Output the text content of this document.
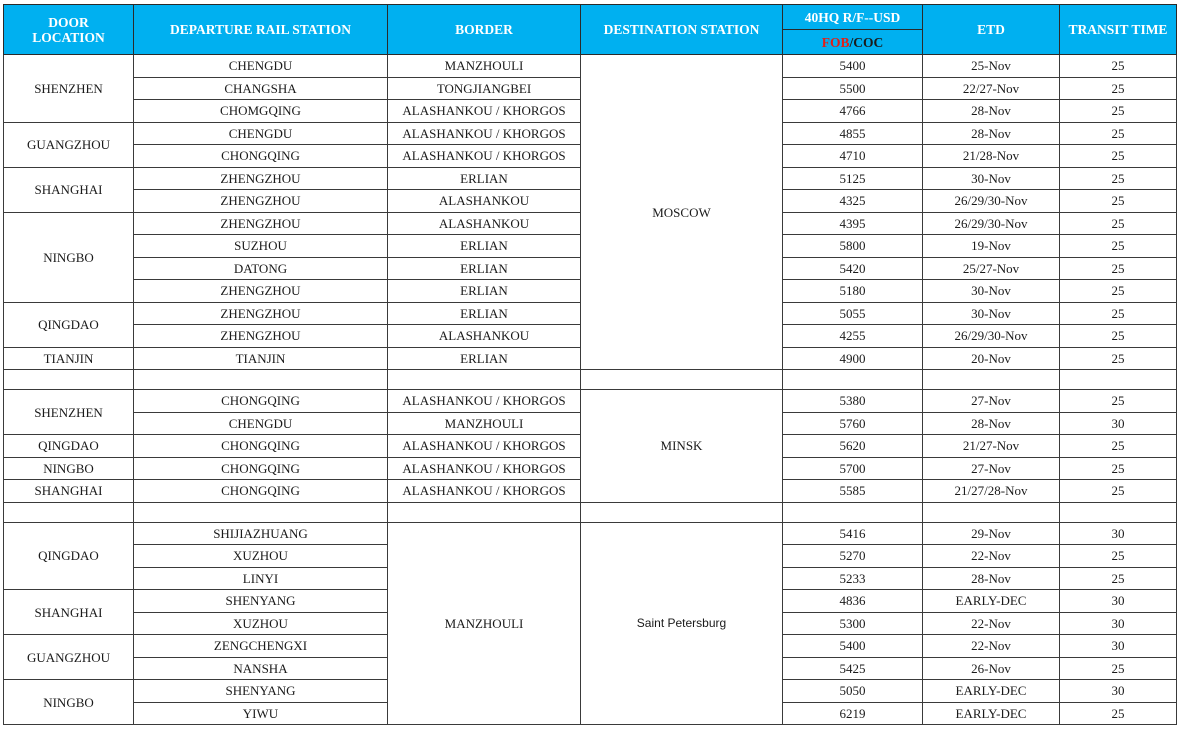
DOOR
LOCATION	DEPARTURE RAIL STATION	BORDER	DESTINATION STATION	40HQ R/F--USD	ETD	TRANSIT TIME
				FOB/COC		
SHENZHEN	CHENGDU	MANZHOULI	MOSCOW	5400	25-Nov	25
	CHANGSHA	TONGJIANGBEI		5500	22/27-Nov	25
	CHOMGQING	ALASHANKOU / KHORGOS		4766	28-Nov	25
GUANGZHOU	CHENGDU	ALASHANKOU / KHORGOS		4855	28-Nov	25
	CHONGQING	ALASHANKOU / KHORGOS		4710	21/28-Nov	25
SHANGHAI	ZHENGZHOU	ERLIAN		5125	30-Nov	25
	ZHENGZHOU	ALASHANKOU		4325	26/29/30-Nov	25
NINGBO	ZHENGZHOU	ALASHANKOU		4395	26/29/30-Nov	25
	SUZHOU	ERLIAN		5800	19-Nov	25
	DATONG	ERLIAN		5420	25/27-Nov	25
	ZHENGZHOU	ERLIAN		5180	30-Nov	25
QINGDAO	ZHENGZHOU	ERLIAN		5055	30-Nov	25
	ZHENGZHOU	ALASHANKOU		4255	26/29/30-Nov	25
TIANJIN	TIANJIN	ERLIAN		4900	20-Nov	25

SHENZHEN	CHONGQING	ALASHANKOU / KHORGOS	MINSK	5380	27-Nov	25
	CHENGDU	MANZHOULI		5760	28-Nov	30
QINGDAO	CHONGQING	ALASHANKOU / KHORGOS		5620	21/27-Nov	25
NINGBO	CHONGQING	ALASHANKOU / KHORGOS		5700	27-Nov	25
SHANGHAI	CHONGQING	ALASHANKOU / KHORGOS		5585	21/27/28-Nov	25

QINGDAO	SHIJIAZHUANG	MANZHOULI	Saint Petersburg	5416	29-Nov	30
	XUZHOU			5270	22-Nov	25
	LINYI			5233	28-Nov	25
SHANGHAI	SHENYANG			4836	EARLY-DEC	30
	XUZHOU			5300	22-Nov	30
GUANGZHOU	ZENGCHENGXI			5400	22-Nov	30
	NANSHA			5425	26-Nov	25
NINGBO	SHENYANG			5050	EARLY-DEC	30
	YIWU			6219	EARLY-DEC	25
